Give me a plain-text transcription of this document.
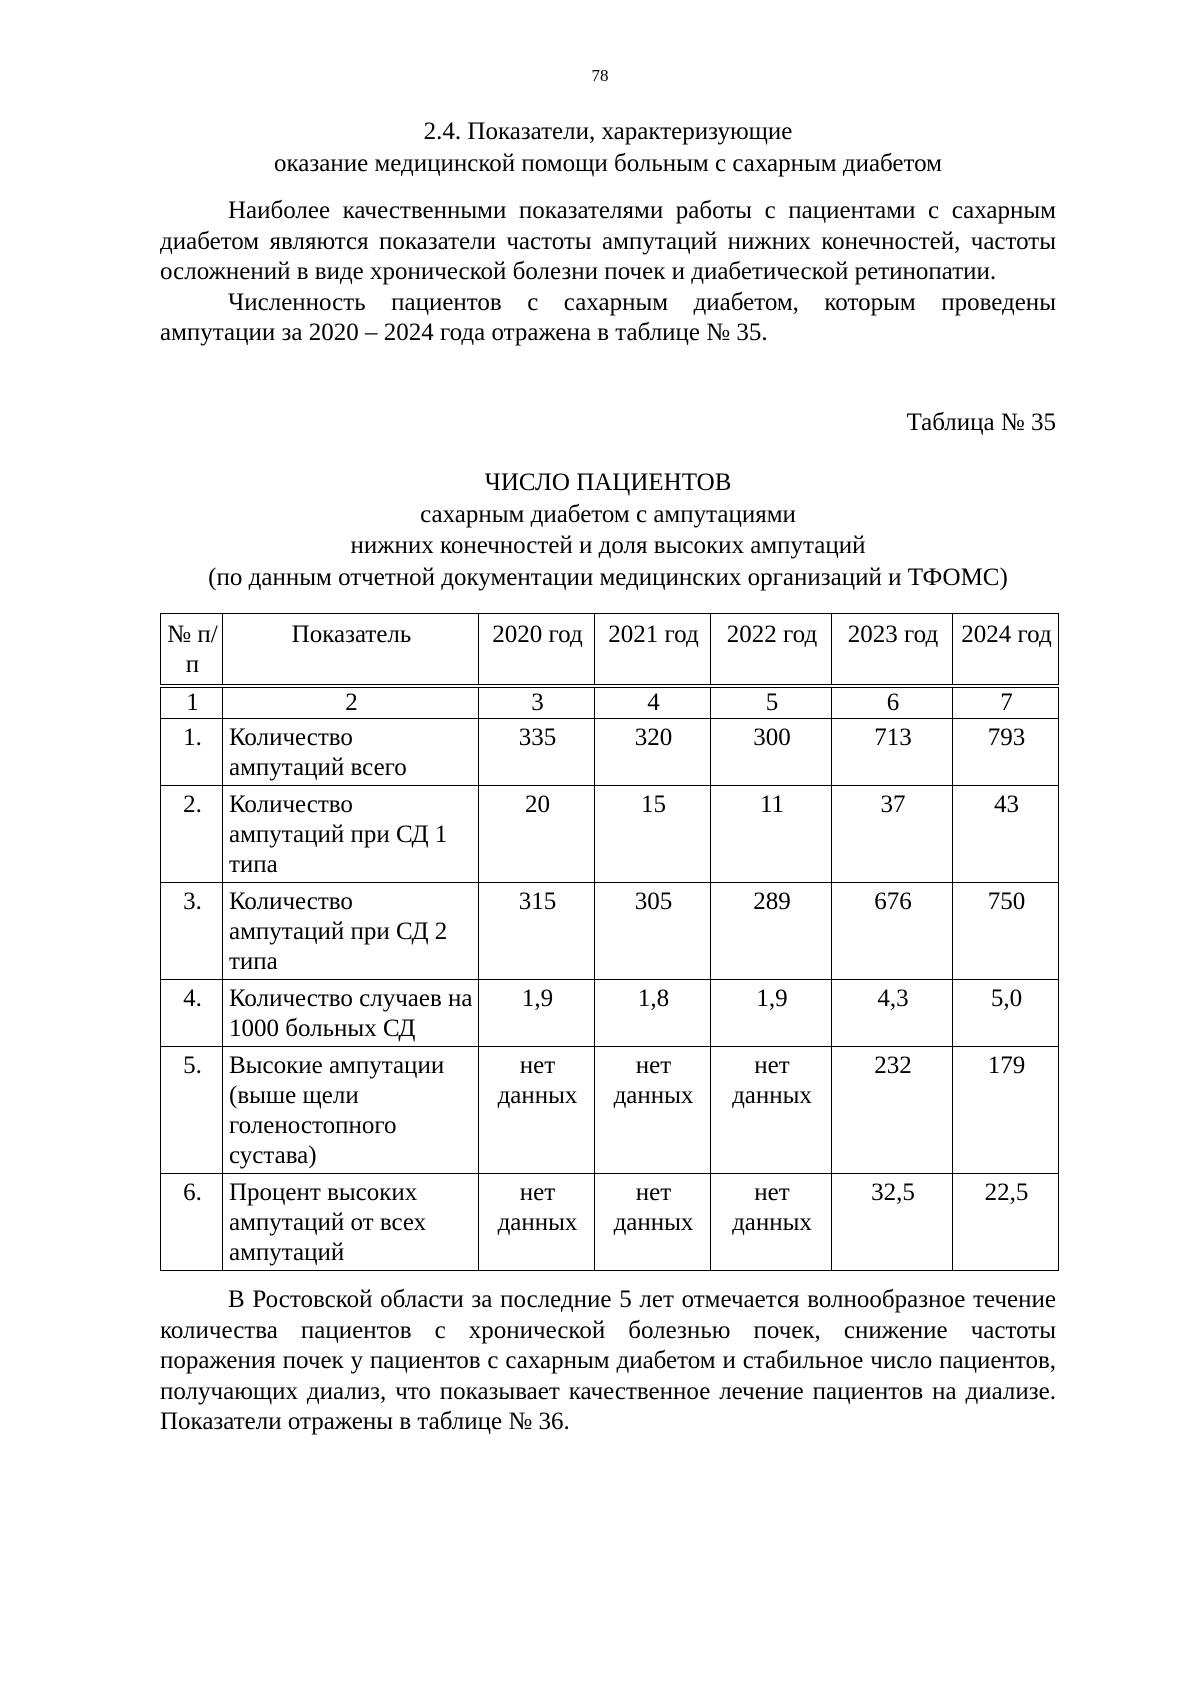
78
2.4. Показатели, характеризующие
оказание медицинской помощи больным с сахарным диабетом

Наиболее качественными показателями работы с пациентами с сахарным диабетом являются показатели частоты ампутаций нижних конечностей, частоты осложнений в виде хронической болезни почек и диабетической ретинопатии.

Численность пациентов с сахарным диабетом, которым проведены ампутации за 2020 – 2024 года отражена в таблице № 35.

Таблица № 35
ЧИСЛО ПАЦИЕНТОВ
сахарным диабетом с ампутациями
нижних конечностей и доля высоких ампутаций
(по данным отчетной документации медицинских организаций и ТФОМС)
№ п/п	Показатель	2020 год	2021 год	2022 год	2023 год	2024 год
1	2	3	4	5	6	7
1.	Количество ампутаций всего	335	320	300	713	793
2.	Количество ампутаций при СД 1 типа	20	15	11	37	43
3.	Количество ампутаций при СД 2 типа	315	305	289	676	750
4.	Количество случаев на 1000 больных СД	1,9	1,8	1,9	4,3	5,0
5.	Высокие ампутации (выше щели голеностопного сустава)	нет данных	нет данных	нет данных	232	179
6.	Процент высоких ампутаций от всех ампутаций	нет данных	нет данных	нет данных	32,5	22,5

В Ростовской области за последние 5 лет отмечается волнообразное течение количества пациентов с хронической болезнью почек, снижение частоты поражения почек у пациентов с сахарным диабетом и стабильное число пациентов, получающих диализ, что показывает качественное лечение пациентов на диализе. Показатели отражены в таблице № 36.
